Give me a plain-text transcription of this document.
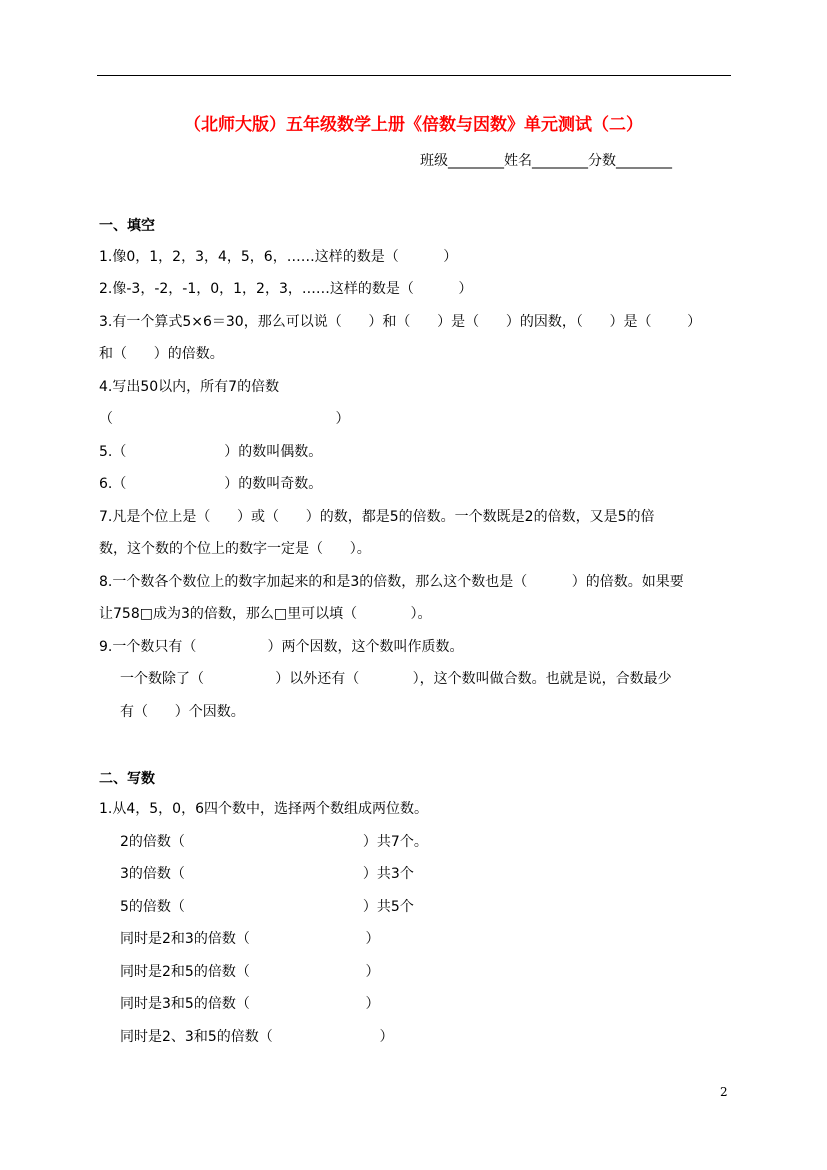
（北师大版）五年级数学上册《倍数与因数》单元测试（二）
班级________姓名________分数________
一、填空
1.像0，1，2，3，4，5，6，……这样的数是（          ）
2.像-3，-2，-1，0，1，2，3，……这样的数是（          ）
3.有一个算式5×6＝30，那么可以说（      ）和（      ）是（      ）的因数，（      ）是（        ）
和（      ）的倍数。
4.写出50以内，所有7的倍数
（                                                  ）
5.（                      ）的数叫偶数。
6.（                      ）的数叫奇数。
7.凡是个位上是（      ）或（      ）的数，都是5的倍数。一个数既是2的倍数，又是5的倍
数，这个数的个位上的数字一定是（      ）。
8.一个数各个数位上的数字加起来的和是3的倍数，那么这个数也是（          ）的倍数。如果要
让758□成为3的倍数，那么□里可以填（            ）。
9.一个数只有（                ）两个因数，这个数叫作质数。
一个数除了（                ）以外还有（            ），这个数叫做合数。也就是说，合数最少
有（      ）个因数。
二、写数
1.从4，5，0，6四个数中，选择两个数组成两位数。
2的倍数（                                        ）共7个。
3的倍数（                                        ）共3个
5的倍数（                                        ）共5个
同时是2和3的倍数（                          ）
同时是2和5的倍数（                          ）
同时是3和5的倍数（                          ）
同时是2、3和5的倍数（                        ）
2
